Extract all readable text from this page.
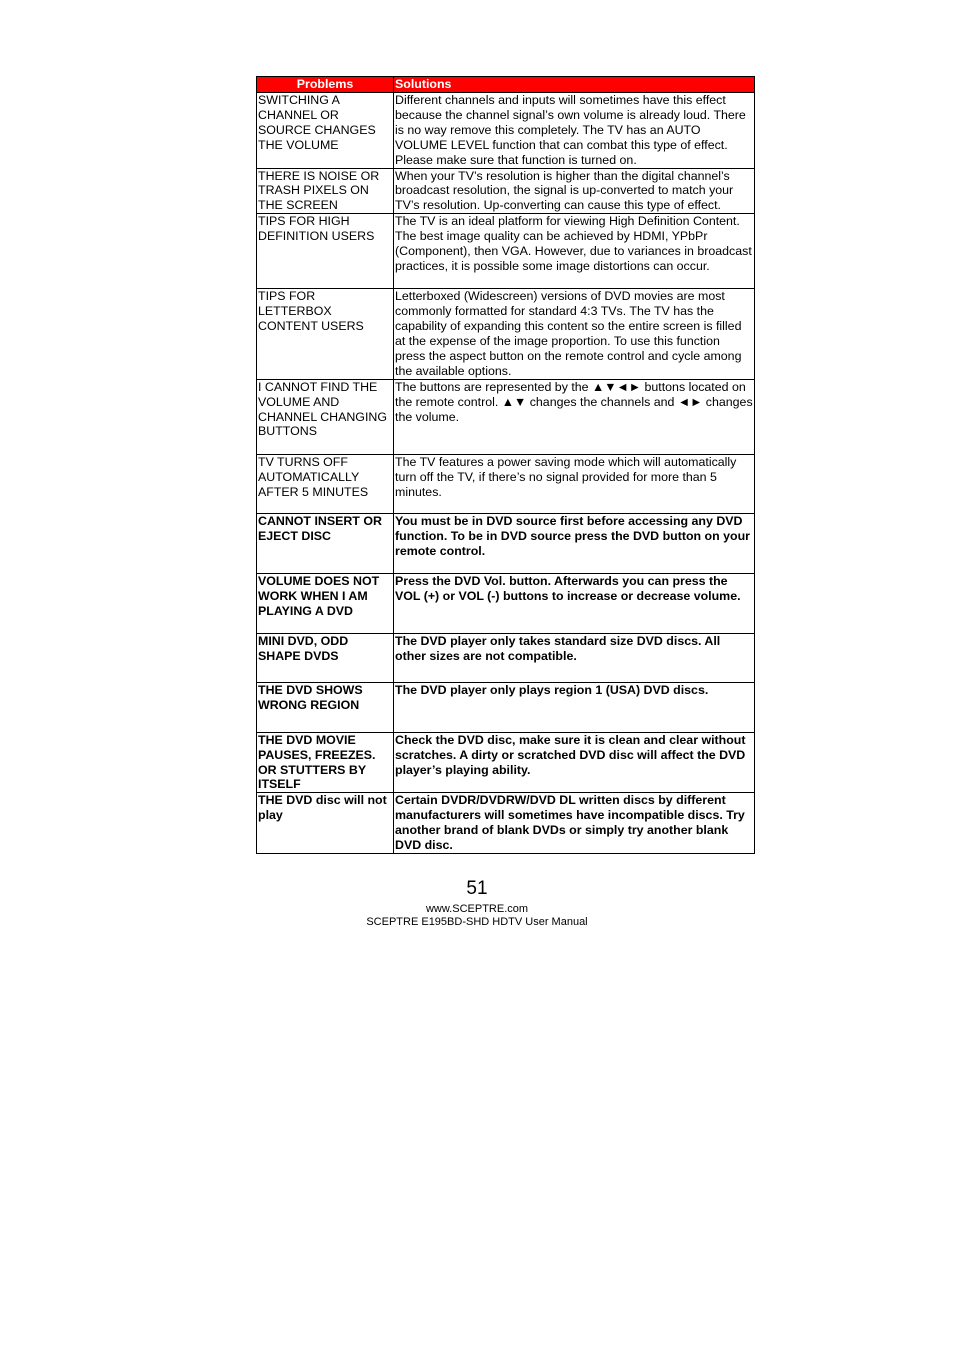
Problems	Solutions
SWITCHING A CHANNEL OR SOURCE CHANGES THE VOLUME	Different channels and inputs will sometimes have this effect because the channel signal’s own volume is already loud. There is no way remove this completely. The TV has an AUTO VOLUME LEVEL function that can combat this type of effect. Please make sure that function is turned on.
THERE IS NOISE OR TRASH PIXELS ON THE SCREEN	When your TV’s resolution is higher than the digital channel’s broadcast resolution, the signal is up-converted to match your TV’s resolution. Up-converting can cause this type of effect.
TIPS FOR HIGH DEFINITION USERS	The TV is an ideal platform for viewing High Definition Content. The best image quality can be achieved by HDMI, YPbPr (Component), then VGA. However, due to variances in broadcast practices, it is possible some image distortions can occur.
TIPS FOR LETTERBOX CONTENT USERS	Letterboxed (Widescreen) versions of DVD movies are most commonly formatted for standard 4:3 TVs. The TV has the capability of expanding this content so the entire screen is filled at the expense of the image proportion. To use this function press the aspect button on the remote control and cycle among the available options.
I CANNOT FIND THE VOLUME AND CHANNEL CHANGING BUTTONS	The buttons are represented by the ▲▼◄► buttons located on the remote control. ▲▼ changes the channels and ◄► changes the volume.
TV TURNS OFF AUTOMATICALLY AFTER 5 MINUTES	The TV features a power saving mode which will automatically turn off the TV, if there’s no signal provided for more than 5 minutes.
CANNOT INSERT OR EJECT DISC	You must be in DVD source first before accessing any DVD function. To be in DVD source press the DVD button on your remote control.
VOLUME DOES NOT WORK WHEN I AM PLAYING A DVD	Press the DVD Vol. button. Afterwards you can press the VOL (+) or VOL (-) buttons to increase or decrease volume.
MINI DVD, ODD SHAPE DVDS	The DVD player only takes standard size DVD discs. All other sizes are not compatible.
THE DVD SHOWS WRONG REGION	The DVD player only plays region 1 (USA) DVD discs.
THE DVD MOVIE PAUSES, FREEZES. OR STUTTERS BY ITSELF	Check the DVD disc, make sure it is clean and clear without scratches. A dirty or scratched DVD disc will affect the DVD player’s playing ability.
THE DVD disc will not play	Certain DVDR/DVDRW/DVD DL written discs by different manufacturers will sometimes have incompatible discs. Try another brand of blank DVDs or simply try another blank DVD disc.
51
www.SCEPTRE.com
SCEPTRE E195BD-SHD HDTV User Manual
